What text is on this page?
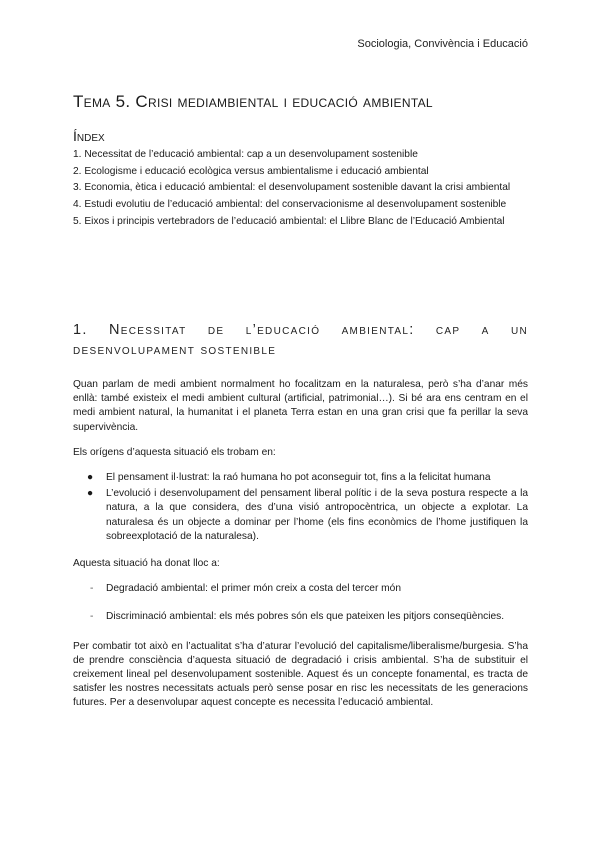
Sociologia, Convivència i Educació
Tema 5. Crisi mediambiental i educació ambiental
Índex
1. Necessitat de l’educació ambiental: cap a un desenvolupament sostenible
2. Ecologisme i educació ecològica versus ambientalisme i educació ambiental
3. Economia, ètica i educació ambiental: el desenvolupament sostenible davant la crisi ambiental
4. Estudi evolutiu de l’educació ambiental: del conservacionisme al desenvolupament sostenible
5. Eixos i principis vertebradors de l’educació ambiental: el Llibre Blanc de l’Educació Ambiental
1. Necessitat de l’educació ambiental: cap a un desenvolupament sostenible

Quan parlam de medi ambient normalment ho focalitzam en la naturalesa, però s’ha d’anar més enllà: també existeix el medi ambient cultural (artificial, patrimonial…). Si bé ara ens centram en el medi ambient natural, la humanitat i el planeta Terra estan en una gran crisi que fa perillar la seva supervivència.

Els orígens d’aquesta situació els trobam en:

● El pensament il·lustrat: la raó humana ho pot aconseguir tot, fins a la felicitat humana
● L’evolució i desenvolupament del pensament liberal polític i de la seva postura respecte a la natura, a la que considera, des d’una visió antropocèntrica, un objecte a explotar. La naturalesa és un objecte a dominar per l’home (els fins econòmics de l’home justifiquen la sobreexplotació de la naturalesa).

Aquesta situació ha donat lloc a:

- Degradació ambiental: el primer món creix a costa del tercer món
- Discriminació ambiental: els més pobres són els que pateixen les pitjors conseqüències.

Per combatir tot això en l’actualitat s’ha d’aturar l’evolució del capitalisme/liberalisme/burgesia. S’ha de prendre consciència d’aquesta situació de degradació i crisis ambiental. S’ha de substituir el creixement lineal pel desenvolupament sostenible. Aquest és un concepte fonamental, es tracta de satisfer les nostres necessitats actuals però sense posar en risc les necessitats de les generacions futures. Per a desenvolupar aquest concepte es necessita l’educació ambiental.
